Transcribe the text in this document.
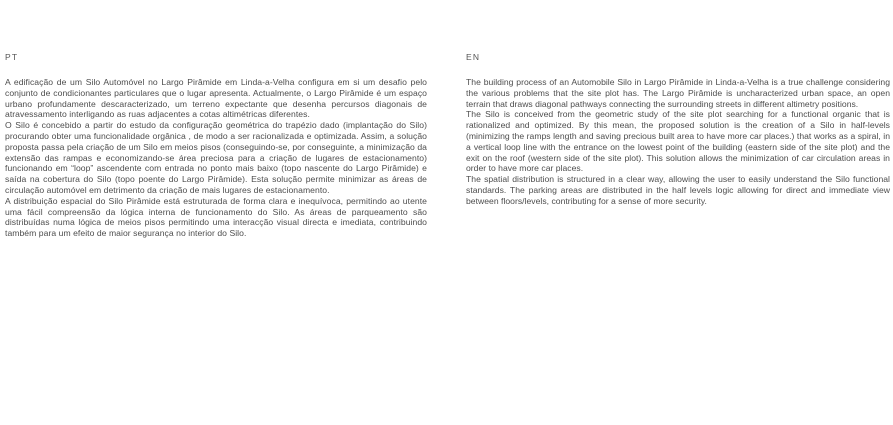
PT

A edificação de um Silo Automóvel no Largo Pirâmide em Linda-a-Velha configura em si um desafio pelo conjunto de condicionantes particulares que o lugar apresenta. Actualmente, o Largo Pirâmide é um espaço urbano profundamente descaracterizado, um terreno expectante que desenha percursos diagonais de atravessamento interligando as ruas adjacentes a cotas altimétricas diferentes.

O Silo é concebido a partir do estudo da configuração geométrica do trapézio dado (implantação do Silo) procurando obter uma funcionalidade orgânica , de modo a ser racionalizada e optimizada. Assim, a solução proposta passa pela criação de um Silo em meios pisos (conseguindo-se, por conseguinte, a minimização da extensão das rampas e economizando-se área preciosa para a criação de lugares de estacionamento) funcionando em “loop” ascendente com entrada no ponto mais baixo (topo nascente do Largo Pirâmide) e saída na cobertura do Silo (topo poente do Largo Pirâmide). Esta solução permite minimizar as áreas de circulação automóvel em detrimento da criação de mais lugares de estacionamento.

A distribuição espacial do Silo Pirâmide está estruturada de forma clara e inequívoca, permitindo ao utente uma fácil compreensão da lógica interna de funcionamento do Silo. As áreas de parqueamento são distribuídas numa lógica de meios pisos permitindo uma interacção visual directa e imediata, contribuindo também para um efeito de maior segurança no interior do Silo.

EN

The building process of an Automobile Silo in Largo Pirâmide in Linda-a-Velha is a true challenge considering the various problems that the site plot has. The Largo Pirâmide is uncharacterized urban space, an open terrain that draws diagonal pathways connecting the surrounding streets in different altimetry positions.

The Silo is conceived from the geometric study of the site plot searching for a functional organic that is rationalized and optimized. By this mean, the proposed solution is the creation of a Silo in half-levels (minimizing the ramps length and saving precious built area to have more car places.) that works as a spiral, in a vertical loop line with the entrance on the lowest point of the building (eastern side of the site plot) and the exit on the roof (western side of the site plot). This solution allows the minimization of car circulation areas in order to have more car places.

The spatial distribution is structured in a clear way, allowing the user to easily understand the Silo functional standards. The parking areas are distributed in the half levels logic allowing for direct and immediate view between floors/levels, contributing for a sense of more security.
